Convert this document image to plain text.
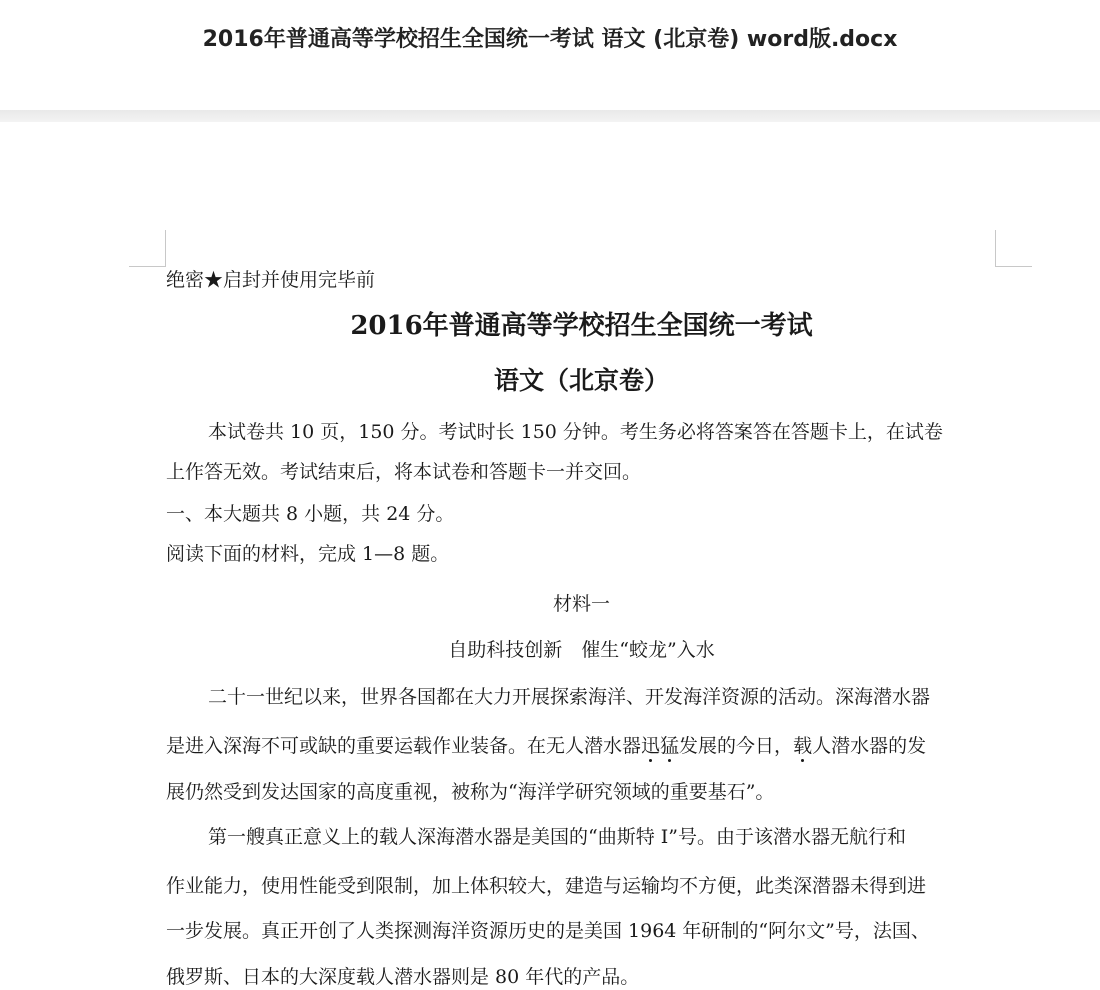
2016年普通高等学校招生全国统一考试 语文 (北京卷) word版.docx
绝密★启封并使用完毕前
2016年普通高等学校招生全国统一考试
语文（北京卷）
本试卷共 10 页，150 分。考试时长 150 分钟。考生务必将答案答在答题卡上，在试卷
上作答无效。考试结束后，将本试卷和答题卡一并交回。
一、本大题共 8 小题，共 24 分。
阅读下面的材料，完成 1—8 题。
材料一
自助科技创新　催生“蛟龙”入水
二十一世纪以来，世界各国都在大力开展探索海洋、开发海洋资源的活动。深海潜水器
是进入深海不可或缺的重要运载作业装备。在无人潜水器迅猛发展的今日，载人潜水器的发
展仍然受到发达国家的高度重视，被称为“海洋学研究领域的重要基石”。
第一艘真正意义上的载人深海潜水器是美国的“曲斯特 I”号。由于该潜水器无航行和
作业能力，使用性能受到限制，加上体积较大，建造与运输均不方便，此类深潜器未得到进
一步发展。真正开创了人类探测海洋资源历史的是美国 1964 年研制的“阿尔文”号，法国、
俄罗斯、日本的大深度载人潜水器则是 80 年代的产品。
